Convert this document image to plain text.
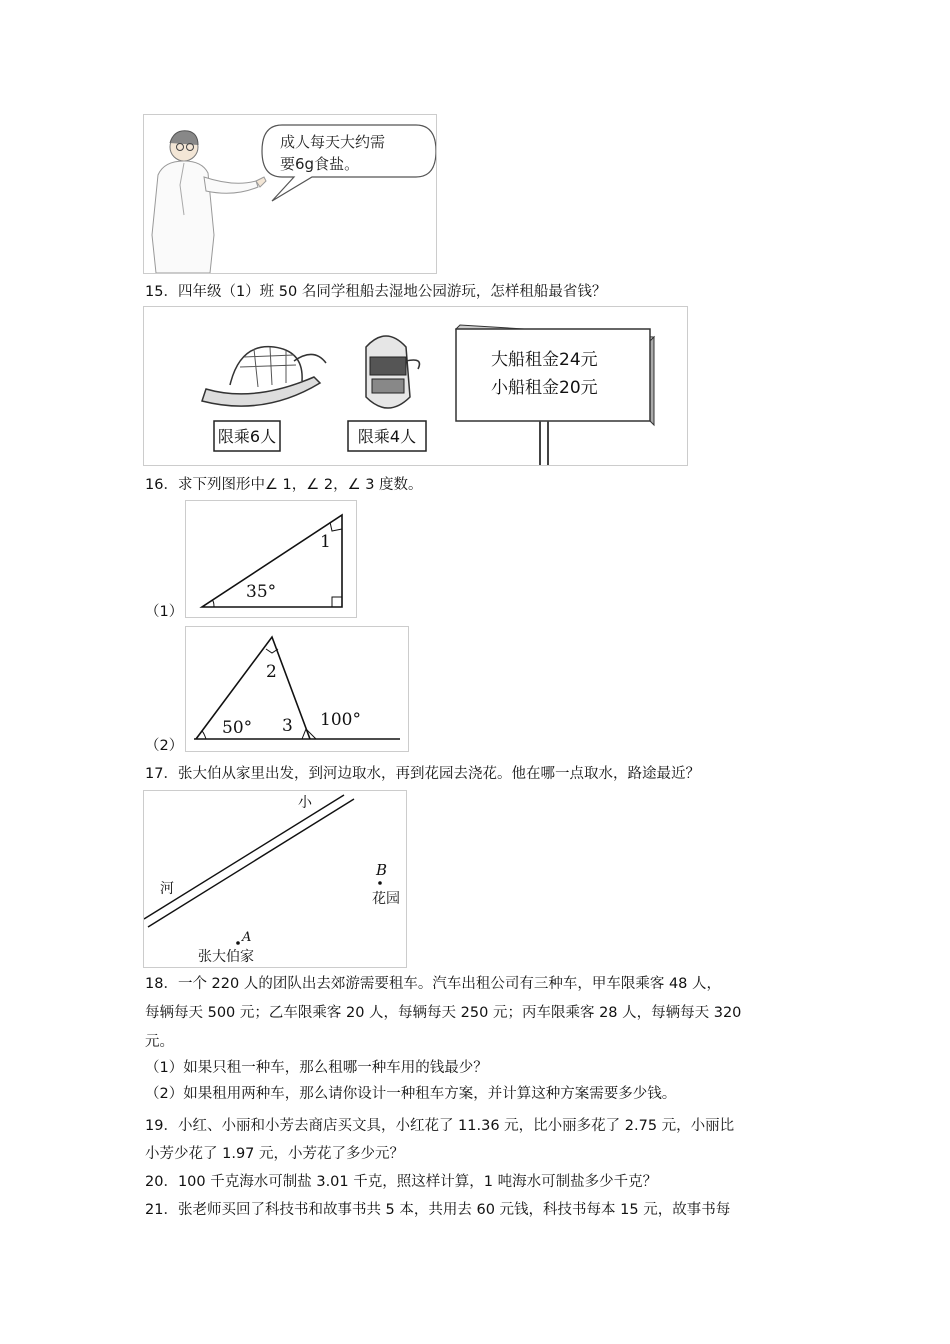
成人每天大约需
要6g食盐。
15．四年级（1）班 50 名同学租船去湿地公园游玩，怎样租船最省钱？
限乘6人	限乘4人
大船租金24元
小船租金20元
16．求下列图形中∠ 1，∠ 2，∠ 3 度数。
（1）
35°
1
（2）
50°
2
3 100°
17．张大伯从家里出发，到河边取水，再到花园去浇花。他在哪一点取水，路途最近？
小
河
B
花园
A
张大伯家
18．一个 220 人的团队出去郊游需要租车。汽车出租公司有三种车，甲车限乘客 48 人，
每辆每天 500 元；乙车限乘客 20 人，每辆每天 250 元；丙车限乘客 28 人，每辆每天 320
元。
（1）如果只租一种车，那么租哪一种车用的钱最少？
（2）如果租用两种车，那么请你设计一种租车方案，并计算这种方案需要多少钱。
19．小红、小丽和小芳去商店买文具，小红花了 11.36 元，比小丽多花了 2.75 元，小丽比
小芳少花了 1.97 元，小芳花了多少元？
20．100 千克海水可制盐 3.01 千克，照这样计算，1 吨海水可制盐多少千克？
21．张老师买回了科技书和故事书共 5 本，共用去 60 元钱，科技书每本 15 元，故事书每
